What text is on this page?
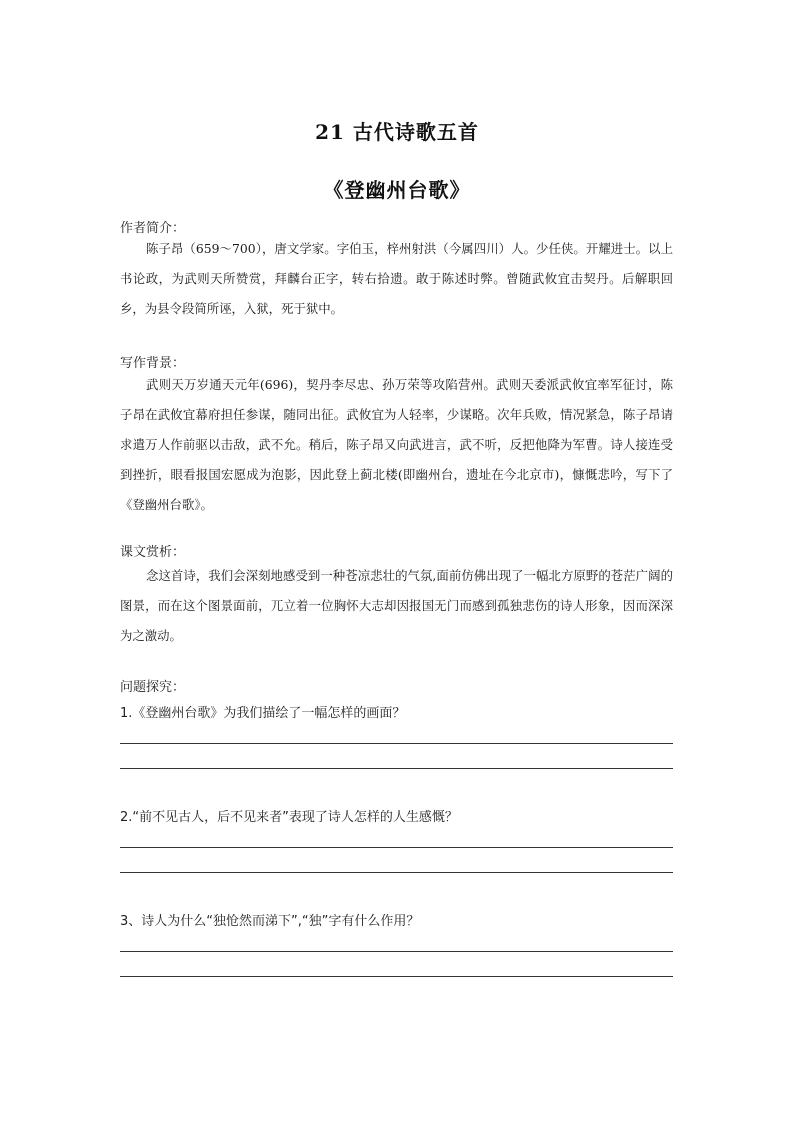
21 古代诗歌五首
《登幽州台歌》
作者简介：

陈子昂（659～700），唐文学家。字伯玉，梓州射洪（今属四川）人。少任侠。开耀进士。以上书论政，为武则天所赞赏，拜麟台正字，转右拾遗。敢于陈述时弊。曾随武攸宜击契丹。后解职回乡，为县令段简所诬，入狱，死于狱中。

写作背景：

武则天万岁通天元年(696)，契丹李尽忠、孙万荣等攻陷营州。武则天委派武攸宜率军征讨，陈子昂在武攸宜幕府担任参谋，随同出征。武攸宜为人轻率，少谋略。次年兵败，情况紧急，陈子昂请求遣万人作前驱以击敌，武不允。稍后，陈子昂又向武进言，武不听，反把他降为军曹。诗人接连受到挫折，眼看报国宏愿成为泡影，因此登上蓟北楼(即幽州台，遗址在今北京市)，慷慨悲吟，写下了《登幽州台歌》。

课文赏析：

念这首诗，我们会深刻地感受到一种苍凉悲壮的气氛,面前仿佛出现了一幅北方原野的苍茫广阔的图景，而在这个图景面前，兀立着一位胸怀大志却因报国无门而感到孤独悲伤的诗人形象，因而深深为之激动。

问题探究：
1.《登幽州台歌》为我们描绘了一幅怎样的画面？
2.“前不见古人，后不见来者”表现了诗人怎样的人生感慨？
3、诗人为什么“独怆然而涕下”,“独”字有什么作用？
